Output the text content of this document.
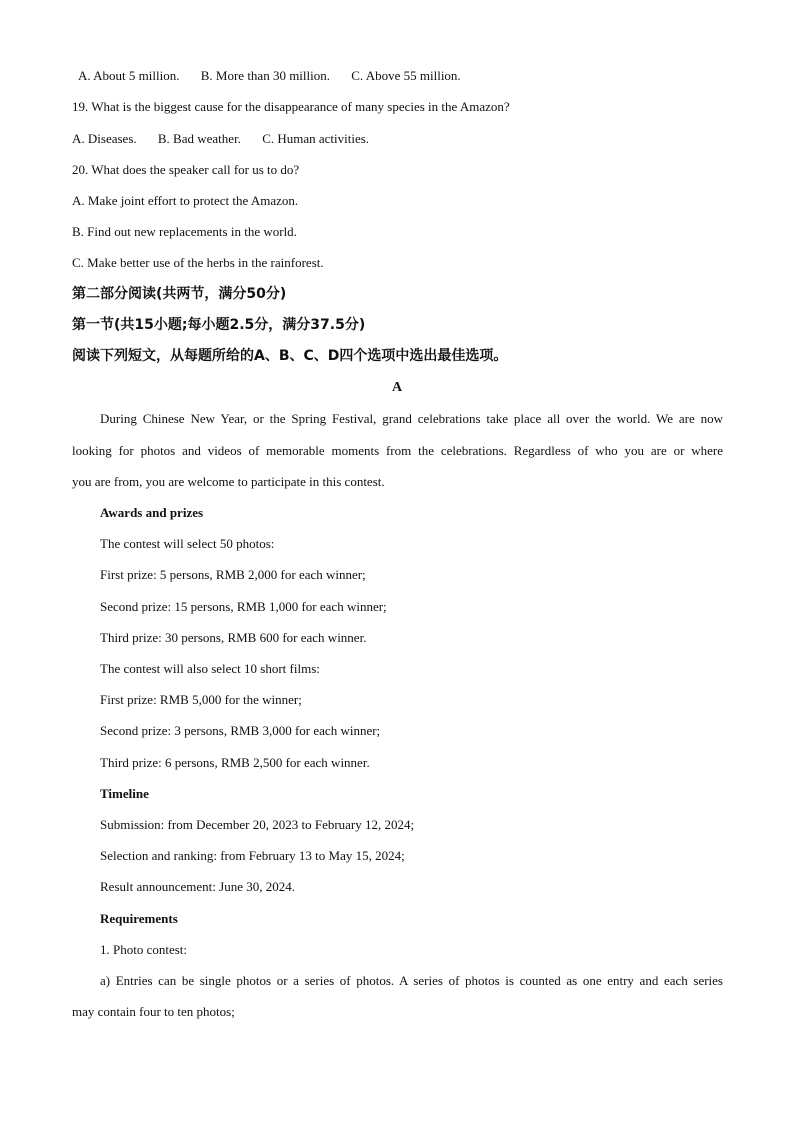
A. About 5 million. B. More than 30 million. C. Above 55 million.
19. What is the biggest cause for the disappearance of many species in the Amazon?
A. Diseases. B. Bad weather. C. Human activities.
20. What does the speaker call for us to do?
A. Make joint effort to protect the Amazon.
B. Find out new replacements in the world.
C. Make better use of the herbs in the rainforest.
第二部分阅读(共两节，满分50分)
第一节(共15小题;每小题2.5分，满分37.5分)
阅读下列短文，从每题所给的A、B、C、D四个选项中选出最佳选项。
A
During Chinese New Year, or the Spring Festival, grand celebrations take place all over the world. We are now
looking for photos and videos of memorable moments from the celebrations. Regardless of who you are or where
you are from, you are welcome to participate in this contest.
Awards and prizes
The contest will select 50 photos:
First prize: 5 persons, RMB 2,000 for each winner;
Second prize: 15 persons, RMB 1,000 for each winner;
Third prize: 30 persons, RMB 600 for each winner.
The contest will also select 10 short films:
First prize: RMB 5,000 for the winner;
Second prize: 3 persons, RMB 3,000 for each winner;
Third prize: 6 persons, RMB 2,500 for each winner.
Timeline
Submission: from December 20, 2023 to February 12, 2024;
Selection and ranking: from February 13 to May 15, 2024;
Result announcement: June 30, 2024.
Requirements
1. Photo contest:
a) Entries can be single photos or a series of photos. A series of photos is counted as one entry and each series
may contain four to ten photos;
